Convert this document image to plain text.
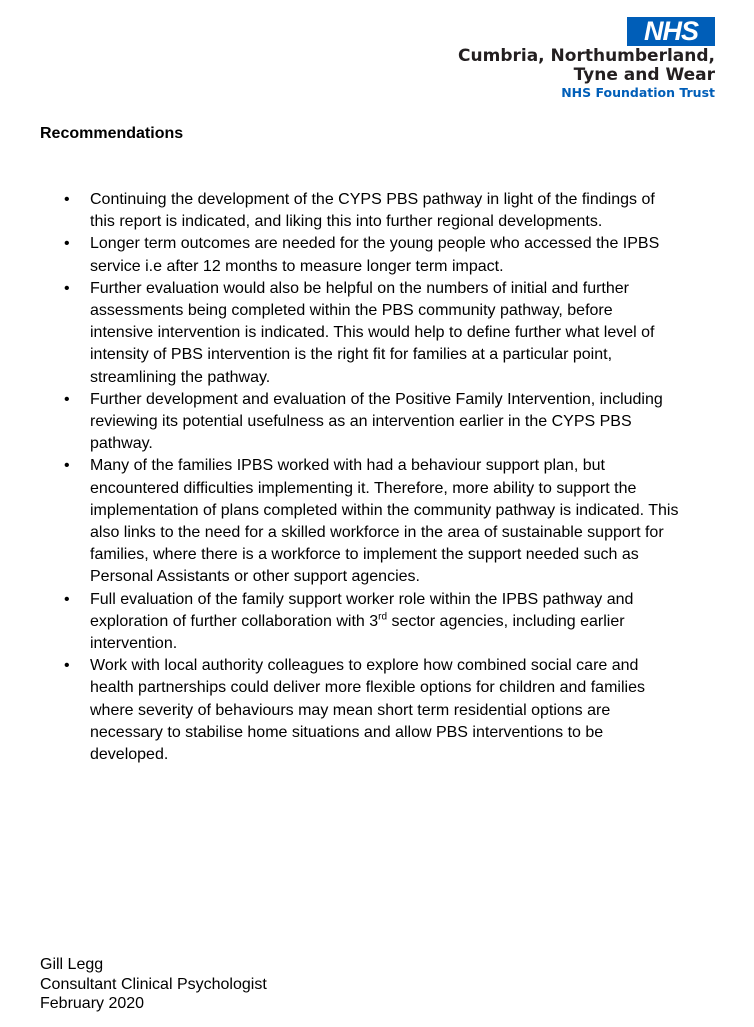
NHS
Cumbria, Northumberland,
Tyne and Wear
NHS Foundation Trust
Recommendations
• Continuing the development of the CYPS PBS pathway in light of the findings of this report is indicated, and liking this into further regional developments.
• Longer term outcomes are needed for the young people who accessed the IPBS service i.e after 12 months to measure longer term impact.
• Further evaluation would also be helpful on the numbers of initial and further assessments being completed within the PBS community pathway, before intensive intervention is indicated. This would help to define further what level of intensity of PBS intervention is the right fit for families at a particular point, streamlining the pathway.
• Further development and evaluation of the Positive Family Intervention, including reviewing its potential usefulness as an intervention earlier in the CYPS PBS pathway.
• Many of the families IPBS worked with had a behaviour support plan, but encountered difficulties implementing it. Therefore, more ability to support the implementation of plans completed within the community pathway is indicated. This also links to the need for a skilled workforce in the area of sustainable support for families, where there is a workforce to implement the support needed such as Personal Assistants or other support agencies.
• Full evaluation of the family support worker role within the IPBS pathway and exploration of further collaboration with 3rd sector agencies, including earlier intervention.
• Work with local authority colleagues to explore how combined social care and health partnerships could deliver more flexible options for children and families where severity of behaviours may mean short term residential options are necessary to stabilise home situations and allow PBS interventions to be developed.
Gill Legg
Consultant Clinical Psychologist
February 2020
